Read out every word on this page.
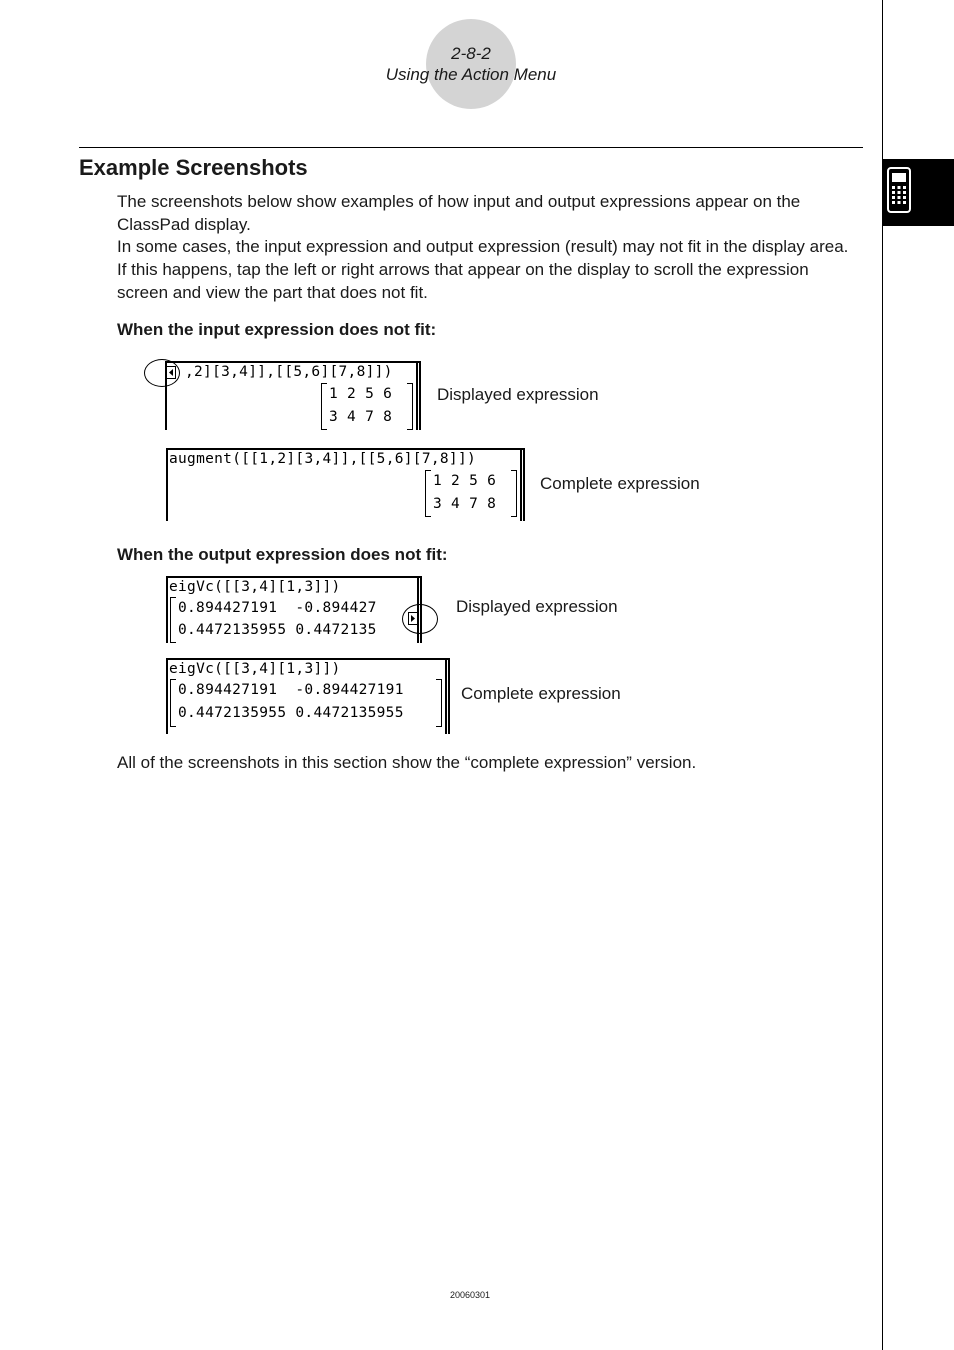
2-8-2
Using the Action Menu
Example Screenshots

The screenshots below show examples of how input and output expressions appear on the ClassPad display.

In some cases, the input expression and output expression (result) may not fit in the display area. If this happens, tap the left or right arrows that appear on the display to scroll the expression screen and view the part that does not fit.

When the input expression does not fit:

,2][3,4]],[[5,6][7,8]])
1 2 5 6
3 4 7 8

Displayed expression

augment([[1,2][3,4]],[[5,6][7,8]])
1 2 5 6
3 4 7 8

Complete expression

When the output expression does not fit:

eigVc([[3,4][1,3]])
0.894427191  -0.894427
0.4472135955 0.4472135

Displayed expression

eigVc([[3,4][1,3]])
0.894427191  -0.894427191
0.4472135955 0.4472135955

Complete expression

All of the screenshots in this section show the “complete expression” version.

20060301
